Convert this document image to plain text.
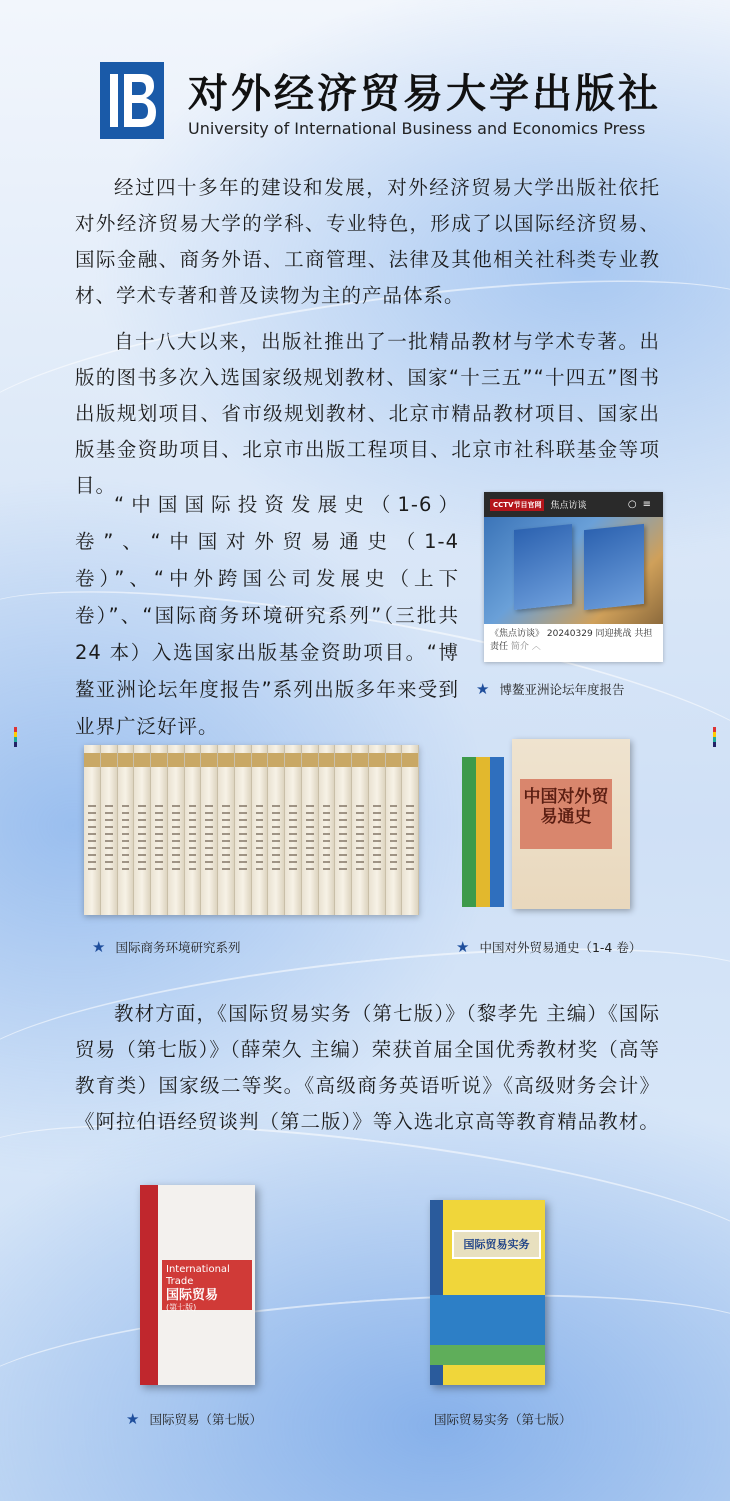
对外经济贸易大学出版社
University of International Business and Economics Press
经过四十多年的建设和发展，对外经济贸易大学出版社依托对外经济贸易大学的学科、专业特色，形成了以国际经济贸易、国际金融、商务外语、工商管理、法律及其他相关社科类专业教材、学术专著和普及读物为主的产品体系。
自十八大以来，出版社推出了一批精品教材与学术专著。出版的图书多次入选国家级规划教材、国家“十三五”“十四五”图书出版规划项目、省市级规划教材、北京市精品教材项目、国家出版基金资助项目、北京市出版工程项目、北京市社科联基金等项目。
“中国国际投资发展史（1-6）卷”、“中国对外贸易通史（1-4 卷）”、“中外跨国公司发展史（上下卷）”、“国际商务环境研究系列”（三批共 24 本）入选国家出版基金资助项目。“博鳌亚洲论坛年度报告”系列出版多年来受到业界广泛好评。
CCTV节目官网	焦点访谈	○≡
《焦点访谈》 20240329 同迎挑战 共担责任 简介 ︿
★ 博鳌亚洲论坛年度报告
★ 国际商务环境研究系列
中国对外贸易通史
★ 中国对外贸易通史（1-4 卷）
教材方面，《国际贸易实务（第七版）》（黎孝先 主编）《国际贸易（第七版）》（薛荣久 主编）荣获首届全国优秀教材奖（高等教育类）国家级二等奖。《高级商务英语听说》《高级财务会计》《阿拉伯语经贸谈判（第二版）》等入选北京高等教育精品教材。
International Trade
国际贸易
(第七版)
★ 国际贸易（第七版）
国际贸易实务
国际贸易实务（第七版）
